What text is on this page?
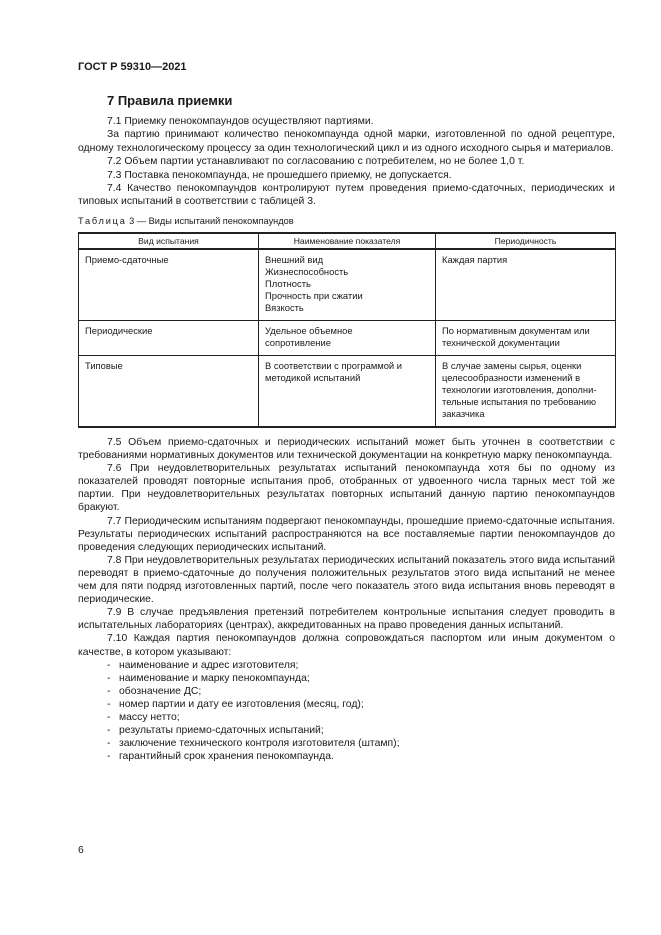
ГОСТ Р 59310—2021
7 Правила приемки

7.1 Приемку пенокомпаундов осуществляют партиями.

За партию принимают количество пенокомпаунда одной марки, изготовленной по одной рецептуре, одному технологическому процессу за один технологический цикл и из одного исходного сырья и материалов.

7.2 Объем партии устанавливают по согласованию с потребителем, но не более 1,0 т.

7.3 Поставка пенокомпаунда, не прошедшего приемку, не допускается.

7.4 Качество пенокомпаундов контролируют путем проведения приемо-сдаточных, периодических и типовых испытаний в соответствии с таблицей 3.

Таблица 3 — Виды испытаний пенокомпаундов
Вид испытания	Наименование показателя	Периодичность
Приемо-сдаточные	Внешний вид
Жизнеспособность
Плотность
Прочность при сжатии
Вязкость	Каждая партия

Периодические	Удельное объемное
сопротивление	По нормативным документам или
технической документации

Типовые	В соответствии с программой и
методикой испытаний	В случае замены сырья, оценки
целесообразности изменений в
технологии изготовления, дополни-
тельные испытания по требованию
заказчика

7.5 Объем приемо-сдаточных и периодических испытаний может быть уточнен в соответствии с требованиями нормативных документов или технической документации на конкретную марку пенокомпаунда.

7.6 При неудовлетворительных результатах испытаний пенокомпаунда хотя бы по одному из показателей проводят повторные испытания проб, отобранных от удвоенного числа тарных мест той же партии. При неудовлетворительных результатах повторных испытаний данную партию пенокомпаундов бракуют.

7.7 Периодическим испытаниям подвергают пенокомпаунды, прошедшие приемо-сдаточные испытания. Результаты периодических испытаний распространяются на все поставляемые партии пенокомпаундов до проведения следующих периодических испытаний.

7.8 При неудовлетворительных результатах периодических испытаний показатель этого вида испытаний переводят в приемо-сдаточные до получения положительных результатов этого вида испытаний не менее чем для пяти подряд изготовленных партий, после чего показатель этого вида испытания вновь переводят в периодические.

7.9 В случае предъявления претензий потребителем контрольные испытания следует проводить в испытательных лабораториях (центрах), аккредитованных на право проведения данных испытаний.

7.10 Каждая партия пенокомпаундов должна сопровождаться паспортом или иным документом о качестве, в котором указывают:

- наименование и адрес изготовителя;
- наименование и марку пенокомпаунда;
- обозначение ДС;
- номер партии и дату ее изготовления (месяц, год);
- массу нетто;
- результаты приемо-сдаточных испытаний;
- заключение технического контроля изготовителя (штамп);
- гарантийный срок хранения пенокомпаунда.
6
